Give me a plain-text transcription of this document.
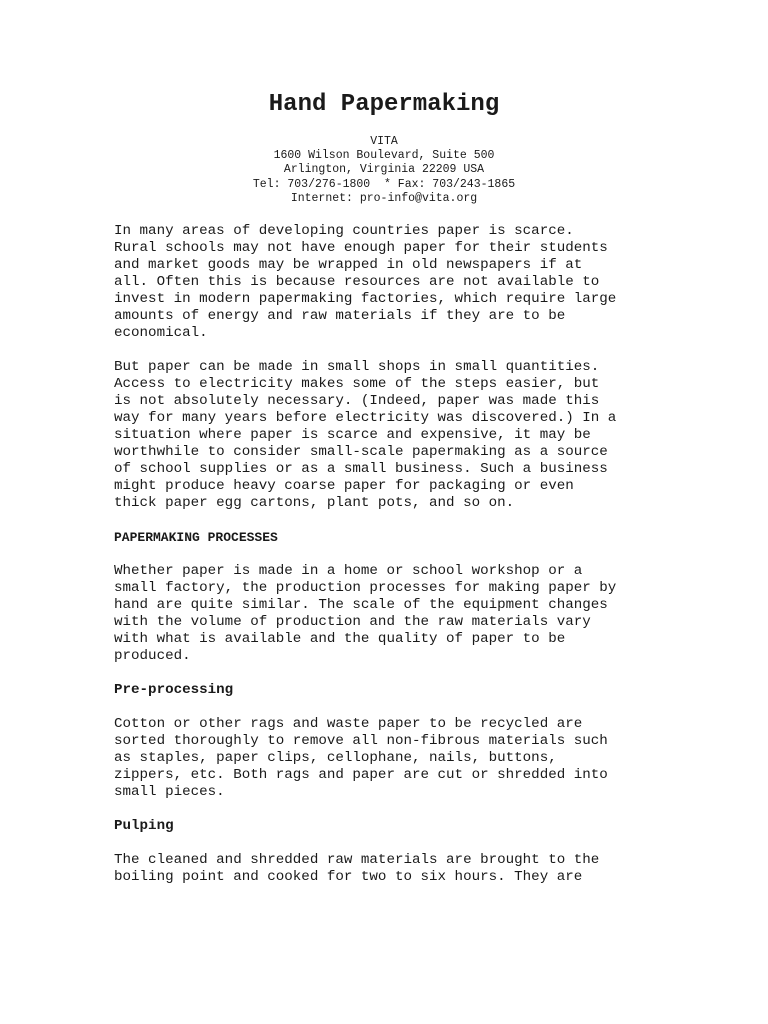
Hand Papermaking
VITA
1600 Wilson Boulevard, Suite 500
Arlington, Virginia 22209 USA
Tel: 703/276-1800  * Fax: 703/243-1865
Internet: pro-info@vita.org

In many areas of developing countries paper is scarce.
Rural schools may not have enough paper for their students
and market goods may be wrapped in old newspapers if at
all. Often this is because resources are not available to
invest in modern papermaking factories, which require large
amounts of energy and raw materials if they are to be
economical.

But paper can be made in small shops in small quantities.
Access to electricity makes some of the steps easier, but
is not absolutely necessary. (Indeed, paper was made this
way for many years before electricity was discovered.) In a
situation where paper is scarce and expensive, it may be
worthwhile to consider small-scale papermaking as a source
of school supplies or as a small business. Such a business
might produce heavy coarse paper for packaging or even
thick paper egg cartons, plant pots, and so on.

PAPERMAKING PROCESSES

Whether paper is made in a home or school workshop or a
small factory, the production processes for making paper by
hand are quite similar. The scale of the equipment changes
with the volume of production and the raw materials vary
with what is available and the quality of paper to be
produced.

Pre-processing

Cotton or other rags and waste paper to be recycled are
sorted thoroughly to remove all non-fibrous materials such
as staples, paper clips, cellophane, nails, buttons,
zippers, etc. Both rags and paper are cut or shredded into
small pieces.

Pulping

The cleaned and shredded raw materials are brought to the
boiling point and cooked for two to six hours. They are
